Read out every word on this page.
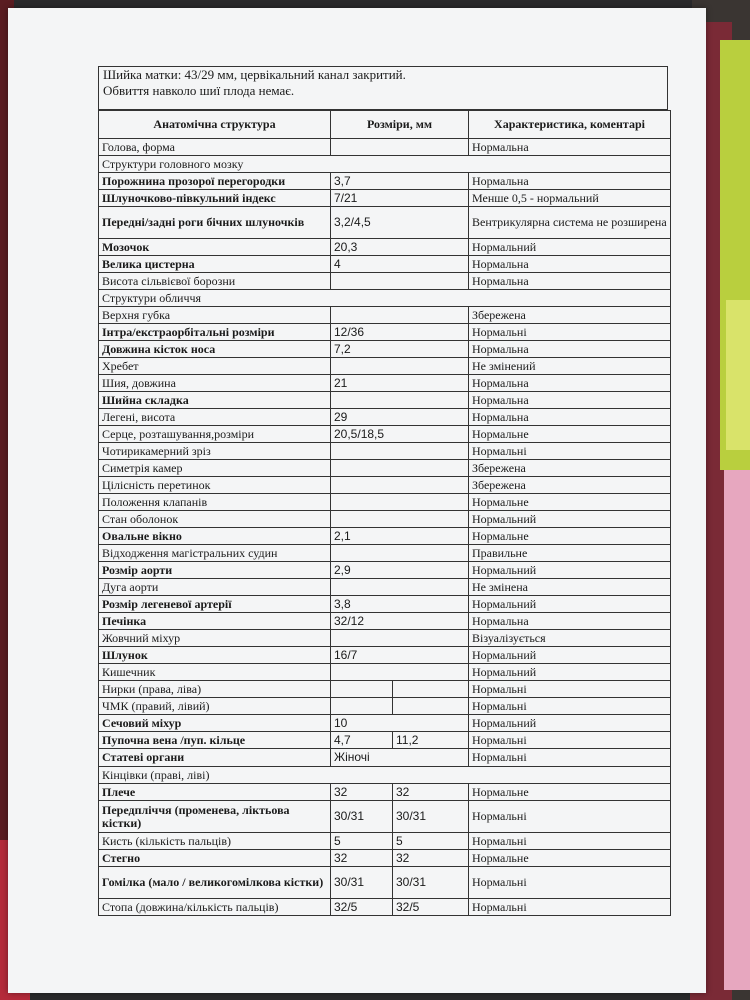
Шийка матки: 43/29 мм, цервікальний канал закритий.
Обвиття навколо шиї плода немає.
Анатомічна структура	Розміри, мм		Характеристика, коментарі
Голова, форма			Нормальна
Структури головного мозку			
Порожнина прозорої перегородки	3,7		Нормальна
Шлуночково-півкульний індекс	7/21		Менше 0,5 - нормальний
Передні/задні роги бічних шлуночків	3,2/4,5		Вентрикулярна система не розширена
Мозочок	20,3		Нормальний
Велика цистерна	4		Нормальна
Висота сільвієвої борозни			Нормальна
Структури обличчя			
Верхня губка			Збережена
Інтра/екстраорбітальні розміри	12/36		Нормальні
Довжина кісток носа	7,2		Нормальна
Хребет			Не змінений
Шия, довжина	21		Нормальна
Шийна складка			Нормальна
Легені, висота	29		Нормальна
Серце, розташування,розміри	20,5/18,5		Нормальне
Чотирикамерний зріз			Нормальні
Симетрія камер			Збережена
Цілісність перетинок			Збережена
Положення клапанів			Нормальне
Стан оболонок			Нормальний
Овальне вікно	2,1		Нормальне
Відходження магістральних судин			Правильне
Розмір аорти	2,9		Нормальний
Дуга аорти			Не змінена
Розмір легеневої артерії	3,8		Нормальний
Печінка	32/12		Нормальна
Жовчний міхур			Візуалізується
Шлунок	16/7		Нормальний
Кишечник			Нормальний
Нирки (права, ліва)			Нормальні
ЧМК (правий, лівий)			Нормальні
Сечовий міхур	10		Нормальний
Пупочна вена /пуп. кільце	4,7	11,2	Нормальні
Статеві органи	Жіночі		Нормальні
Кінцівки (праві, ліві)			
Плече	32	32	Нормальне
Передпліччя (променева, ліктьова кістки)	30/31	30/31	Нормальні
Кисть (кількість пальців)	5	5	Нормальні
Стегно	32	32	Нормальне
Гомілка (мало / великогомілкова кістки)	30/31	30/31	Нормальні
Стопа (довжина/кількість пальців)	32/5	32/5	Нормальні
